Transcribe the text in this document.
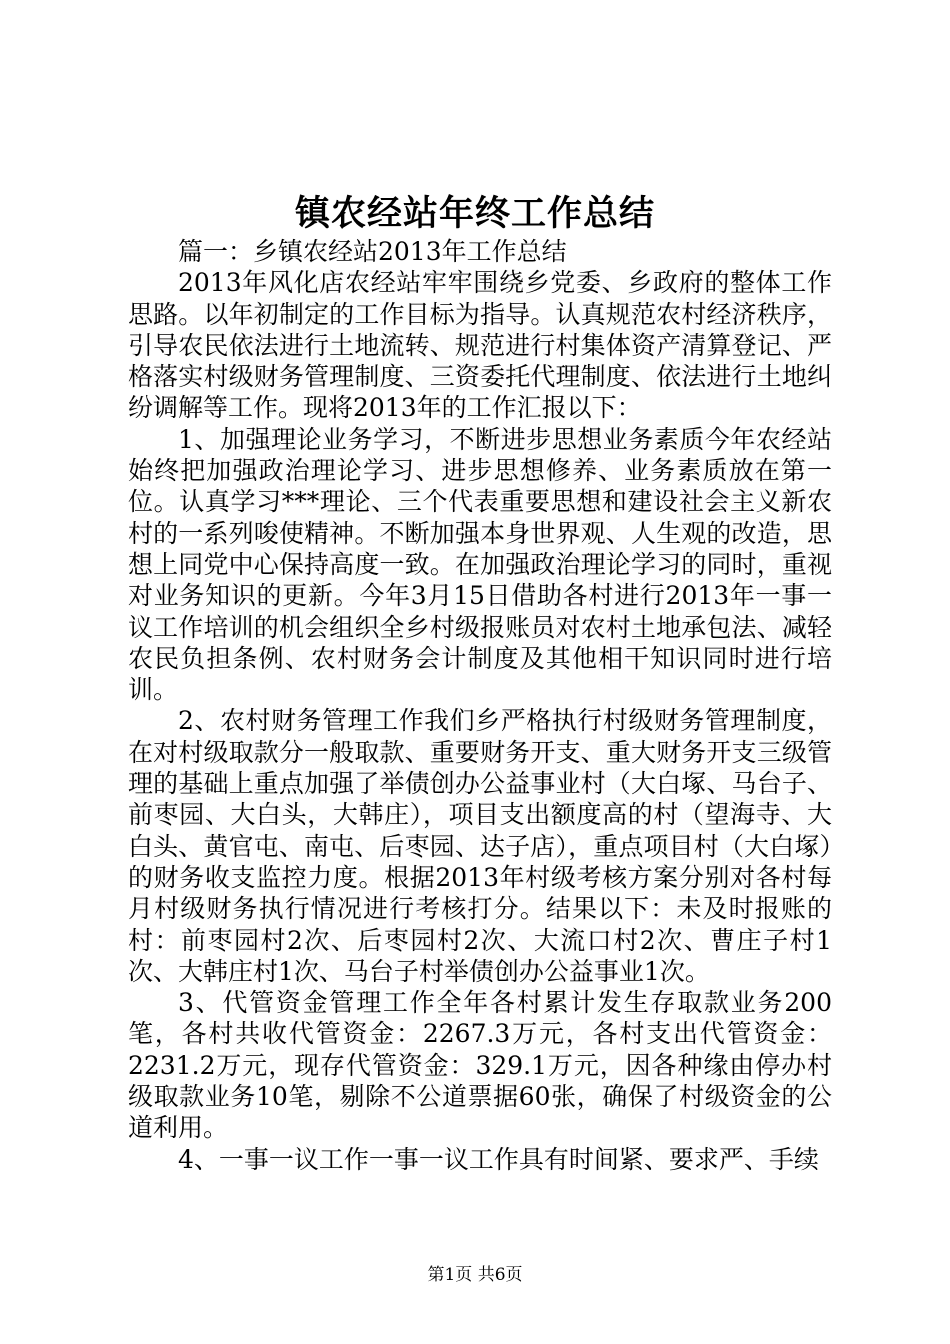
镇农经站年终工作总结

篇一：乡镇农经站2013年工作总结

2013年风化店农经站牢牢围绕乡党委、乡政府的整体工作思路。以年初制定的工作目标为指导。认真规范农村经济秩序，引导农民依法进行土地流转、规范进行村集体资产清算登记、严格落实村级财务管理制度、三资委托代理制度、依法进行土地纠纷调解等工作。现将2013年的工作汇报以下：

1、加强理论业务学习，不断进步思想业务素质今年农经站始终把加强政治理论学习、进步思想修养、业务素质放在第一位。认真学习***理论、三个代表重要思想和建设社会主义新农村的一系列唆使精神。不断加强本身世界观、人生观的改造，思想上同党中心保持高度一致。在加强政治理论学习的同时，重视对业务知识的更新。今年3月15日借助各村进行2013年一事一议工作培训的机会组织全乡村级报账员对农村土地承包法、减轻农民负担条例、农村财务会计制度及其他相干知识同时进行培训。

2、农村财务管理工作我们乡严格执行村级财务管理制度，在对村级取款分一般取款、重要财务开支、重大财务开支三级管理的基础上重点加强了举债创办公益事业村（大白塚、马台子、前枣园、大白头，大韩庄），项目支出额度高的村（望海寺、大白头、黄官屯、南屯、后枣园、达子店），重点项目村（大白塚）的财务收支监控力度。根据2013年村级考核方案分别对各村每月村级财务执行情况进行考核打分。结果以下：未及时报账的村：前枣园村2次、后枣园村2次、大流口村2次、曹庄子村1次、大韩庄村1次、马台子村举债创办公益事业1次。

3、代管资金管理工作全年各村累计发生存取款业务200笔，各村共收代管资金：2267.3万元，各村支出代管资金：2231.2万元，现存代管资金：329.1万元，因各种缘由停办村级取款业务10笔，剔除不公道票据60张，确保了村级资金的公道利用。

4、一事一议工作一事一议工作具有时间紧、要求严、手续

第1页 共6页
